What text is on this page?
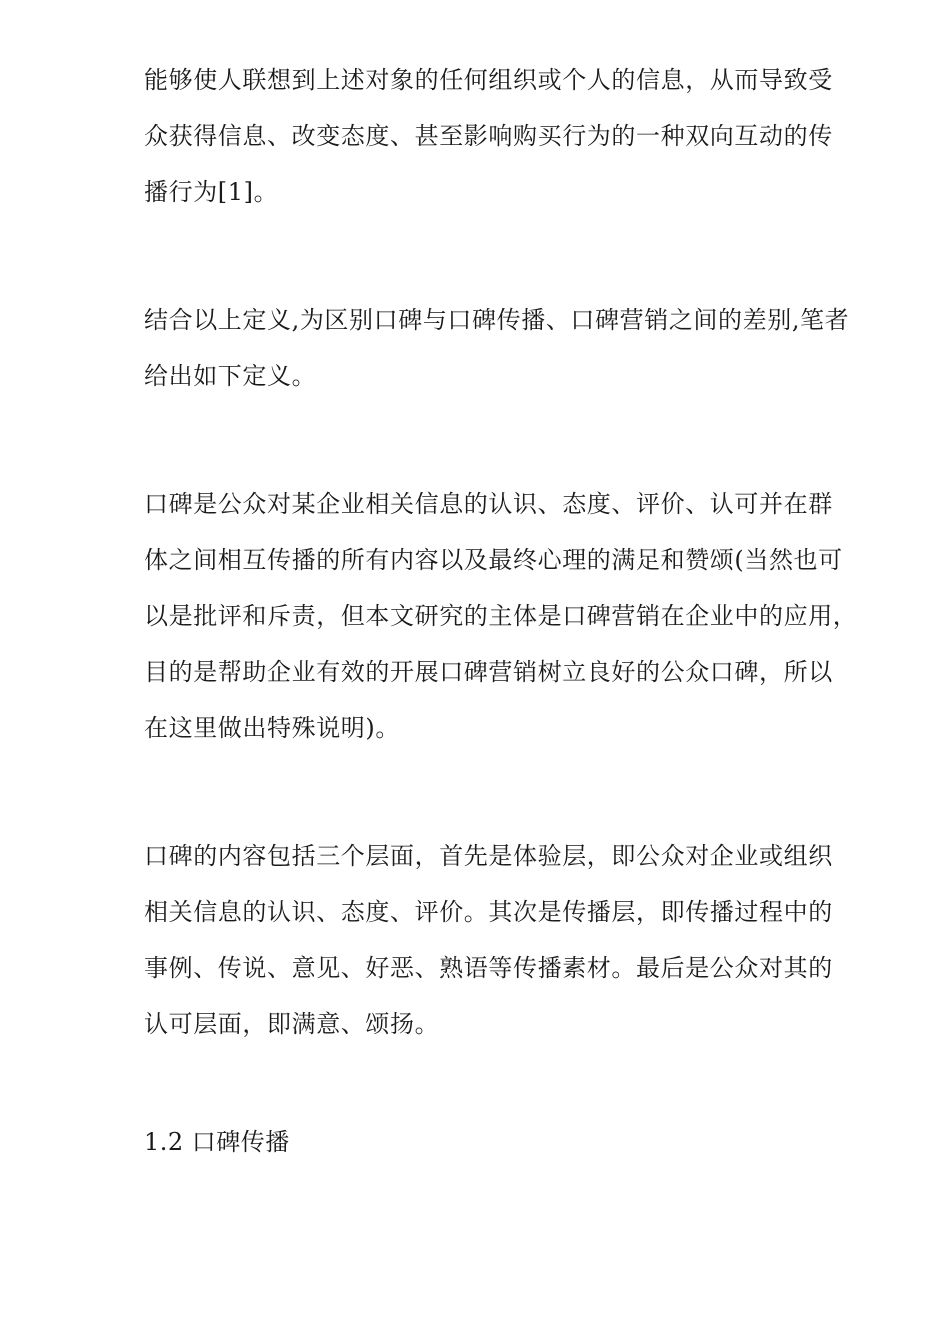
能够使人联想到上述对象的任何组织或个人的信息，从而导致受
众获得信息、改变态度、甚至影响购买行为的一种双向互动的传
播行为[1]。
结合以上定义,为区别口碑与口碑传播、口碑营销之间的差别,笔者
给出如下定义。
口碑是公众对某企业相关信息的认识、态度、评价、认可并在群
体之间相互传播的所有内容以及最终心理的满足和赞颂(当然也可
以是批评和斥责，但本文研究的主体是口碑营销在企业中的应用，
目的是帮助企业有效的开展口碑营销树立良好的公众口碑，所以
在这里做出特殊说明)。
口碑的内容包括三个层面，首先是体验层，即公众对企业或组织
相关信息的认识、态度、评价。其次是传播层，即传播过程中的
事例、传说、意见、好恶、熟语等传播素材。最后是公众对其的
认可层面，即满意、颂扬。
1.2 口碑传播
